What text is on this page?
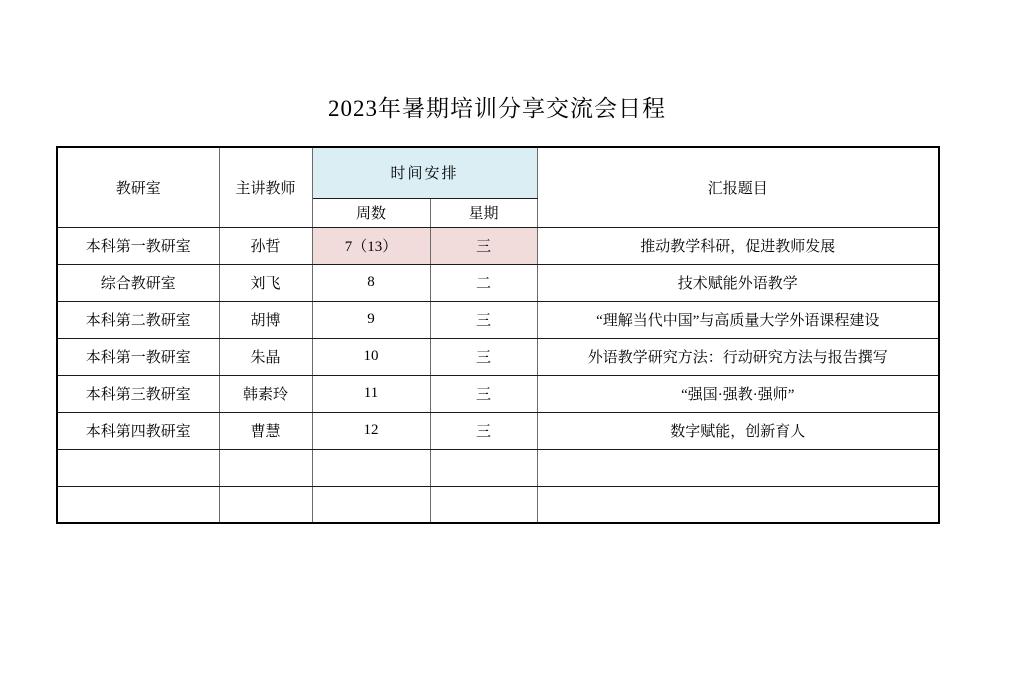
2023年暑期培训分享交流会日程
教研室	主讲教师	时间安排		汇报题目
		周数	星期	
本科第一教研室	孙哲	7（13）	三	推动教学科研，促进教师发展
综合教研室	刘飞	8	二	技术赋能外语教学
本科第二教研室	胡博	9	三	“理解当代中国”与高质量大学外语课程建设
本科第一教研室	朱晶	10	三	外语教学研究方法：行动研究方法与报告撰写
本科第三教研室	韩素玲	11	三	“强国·强教·强师”
本科第四教研室	曹慧	12	三	数字赋能，创新育人
